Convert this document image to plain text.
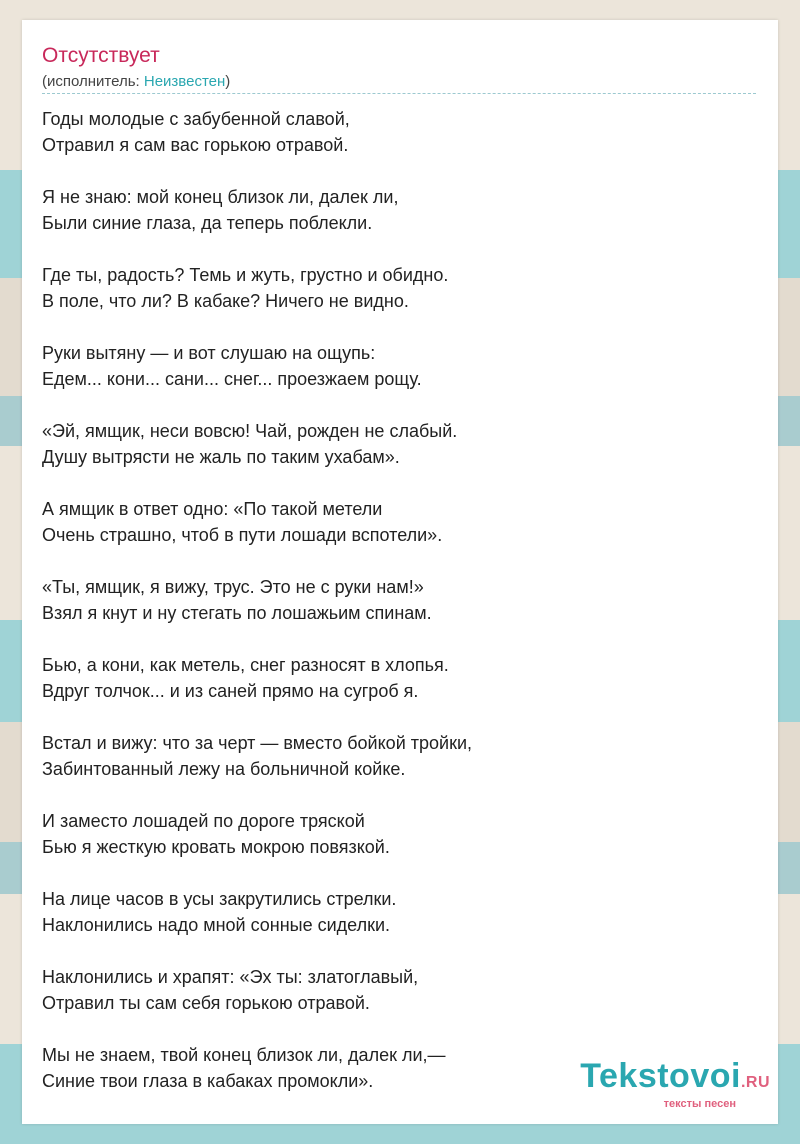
Отсутствует
(исполнитель: Неизвестен)
Годы молодые с забубенной славой,
Отравил я сам вас горькою отравой.
Я не знаю: мой конец близок ли, далек ли,
Были синие глаза, да теперь поблекли.
Где ты, радость? Темь и жуть, грустно и обидно.
В поле, что ли? В кабаке? Ничего не видно.
Руки вытяну — и вот слушаю на ощупь:
Едем... кони... сани... снег... проезжаем рощу.
«Эй, ямщик, неси вовсю! Чай, рожден не слабый.
Душу вытрясти не жаль по таким ухабам».
А ямщик в ответ одно: «По такой метели
Очень страшно, чтоб в пути лошади вспотели».
«Ты, ямщик, я вижу, трус. Это не с руки нам!»
Взял я кнут и ну стегать по лошажьим спинам.
Бью, а кони, как метель, снег разносят в хлопья.
Вдруг толчок... и из саней прямо на сугроб я.
Встал и вижу: что за черт — вместо бойкой тройки,
Забинтованный лежу на больничной койке.
И заместо лошадей по дороге тряской
Бью я жесткую кровать мокрою повязкой.
На лице часов в усы закрутились стрелки.
Наклонились надо мной сонные сиделки.
Наклонились и храпят: «Эх ты: златоглавый,
Отравил ты сам себя горькою отравой.
Мы не знаем, твой конец близок ли, далек ли,—
Синие твои глаза в кабаках промокли».	Tekstovoi.RU
тексты песен
